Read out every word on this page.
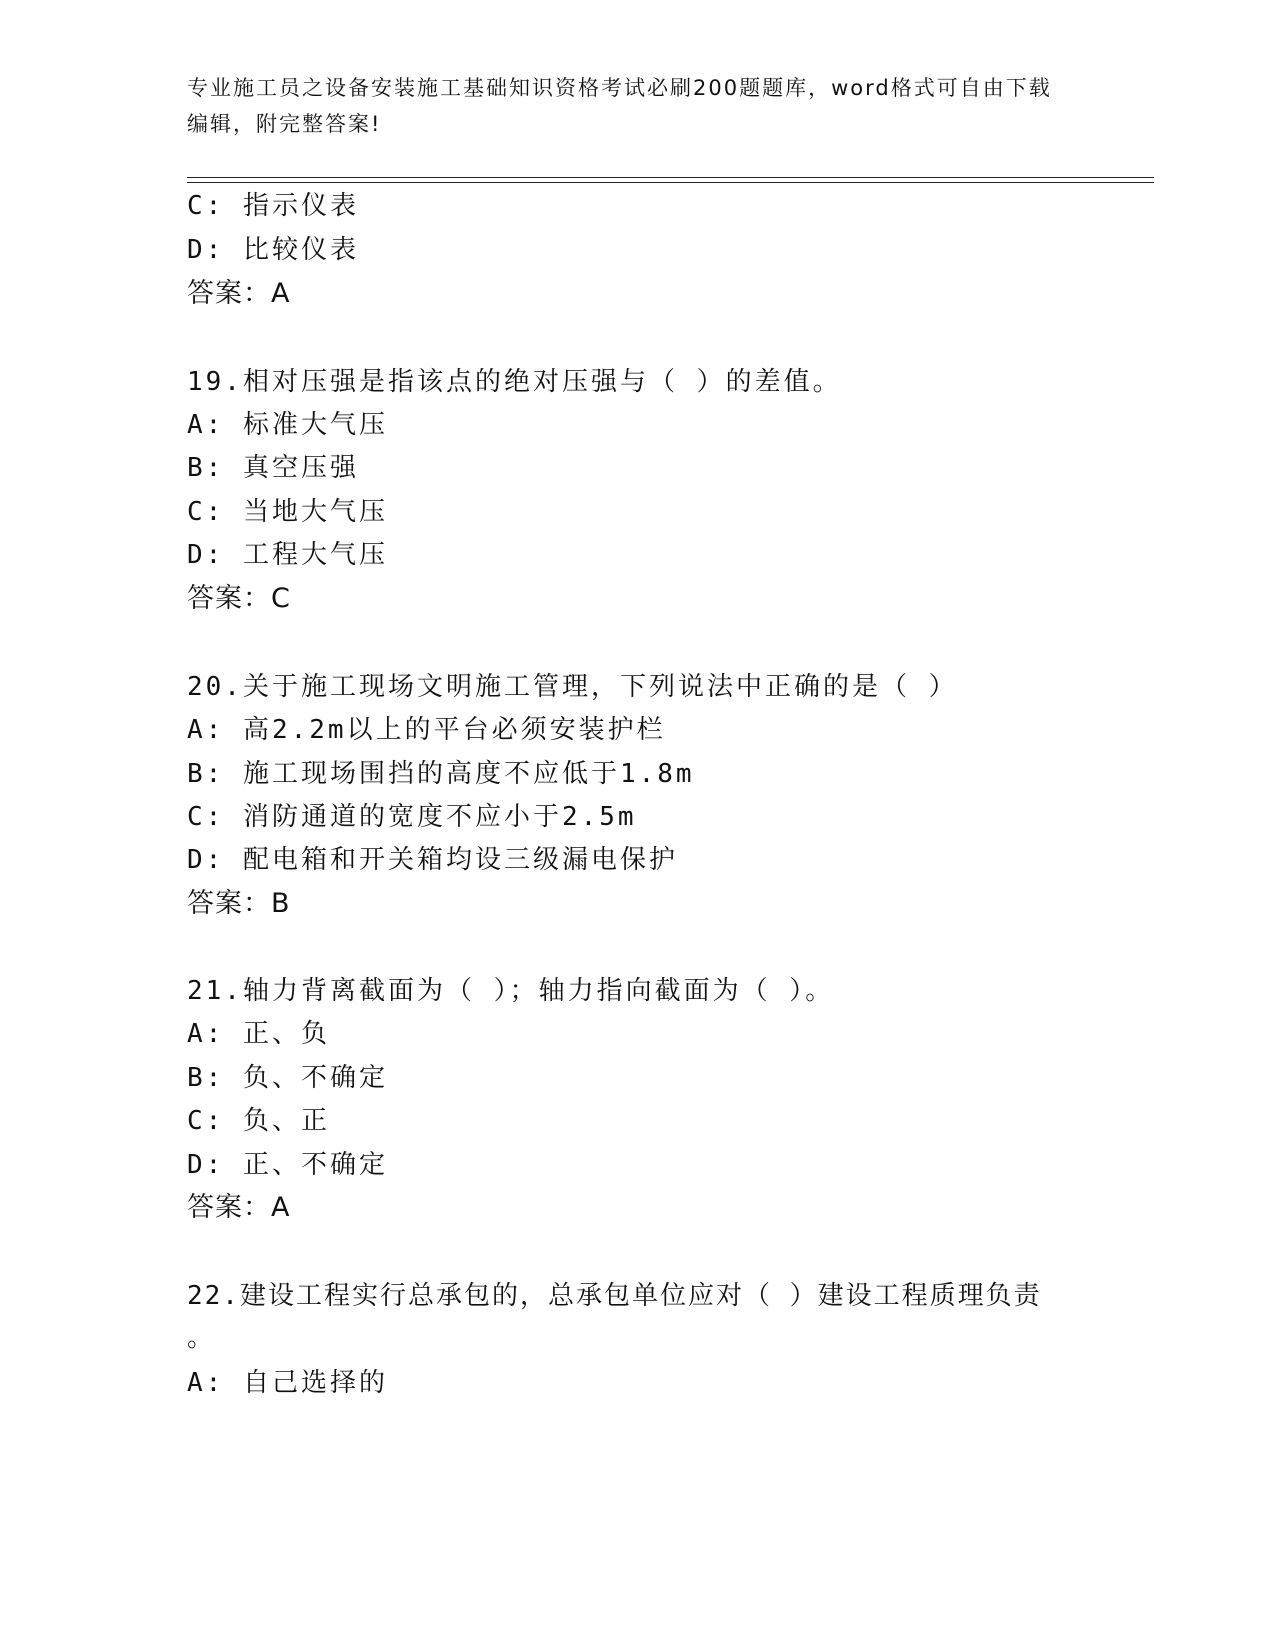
专业施工员之设备安装施工基础知识资格考试必刷200题题库，word格式可自由下载编辑，附完整答案!
C: 指示仪表
D: 比较仪表
答案：A
19.相对压强是指该点的绝对压强与（ ）的差值。
A: 标准大气压
B: 真空压强
C: 当地大气压
D: 工程大气压
答案：C
20.关于施工现场文明施工管理，下列说法中正确的是（ ）
A: 高2.2m以上的平台必须安装护栏
B: 施工现场围挡的高度不应低于1.8m
C: 消防通道的宽度不应小于2.5m
D: 配电箱和开关箱均设三级漏电保护
答案：B
21.轴力背离截面为（ ）；轴力指向截面为（ ）。
A: 正、负
B: 负、不确定
C: 负、正
D: 正、不确定
答案：A
22.建设工程实行总承包的，总承包单位应对（ ）建设工程质理负责
。
A: 自己选择的
